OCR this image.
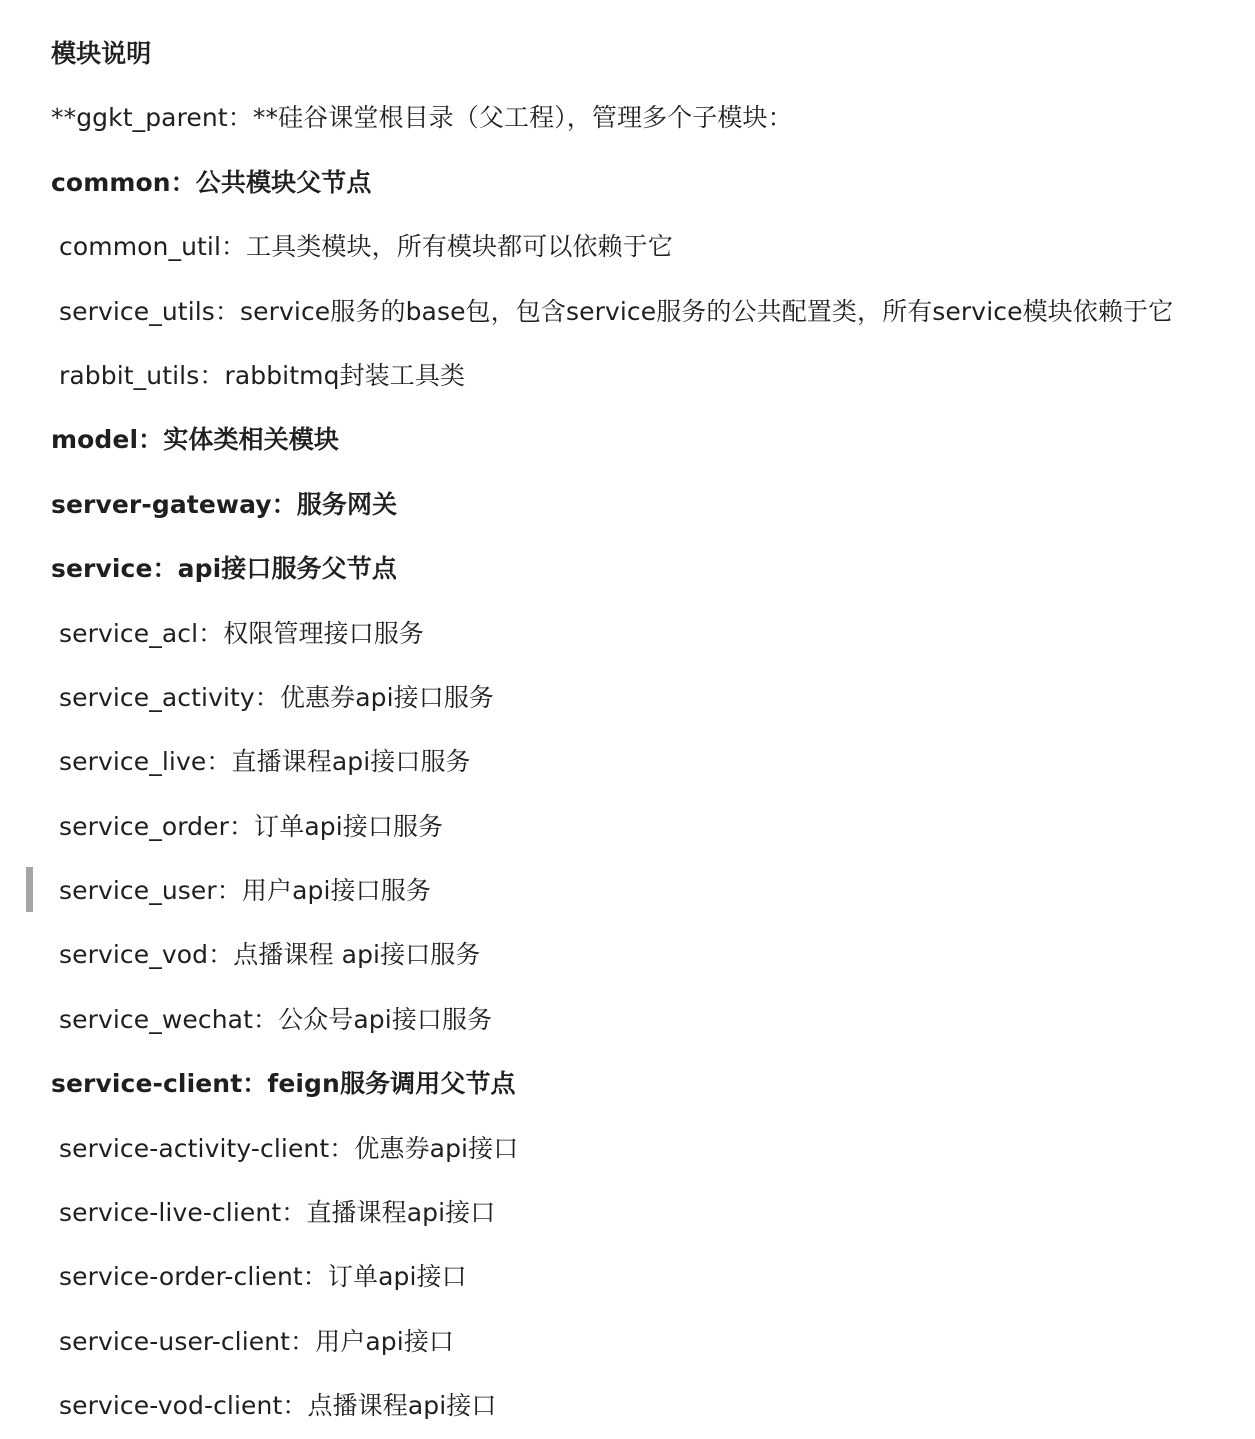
模块说明
**ggkt_parent：**硅谷课堂根目录（父工程），管理多个子模块：
common：公共模块父节点
common_util：工具类模块，所有模块都可以依赖于它
service_utils：service服务的base包，包含service服务的公共配置类，所有service模块依赖于它
rabbit_utils：rabbitmq封装工具类
model：实体类相关模块
server-gateway：服务网关
service：api接口服务父节点
service_acl：权限管理接口服务
service_activity：优惠券api接口服务
service_live：直播课程api接口服务
service_order：订单api接口服务
service_user：用户api接口服务
service_vod：点播课程 api接口服务
service_wechat：公众号api接口服务
service-client：feign服务调用父节点
service-activity-client：优惠券api接口
service-live-client：直播课程api接口
service-order-client：订单api接口
service-user-client：用户api接口
service-vod-client：点播课程api接口
